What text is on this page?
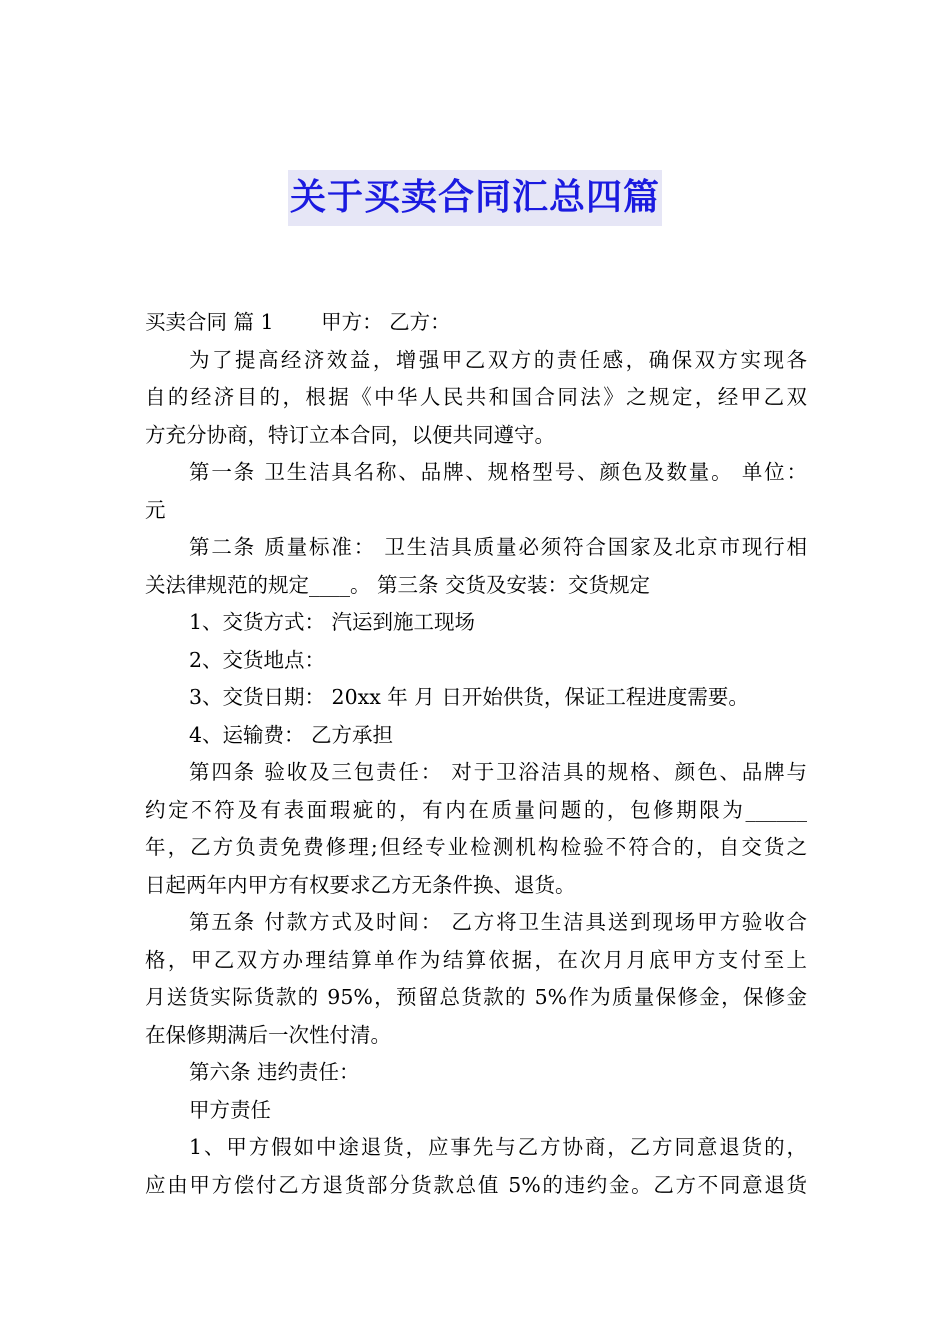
关于买卖合同汇总四篇

买卖合同 篇 1　　 甲方： 乙方：

为了提高经济效益，增强甲乙双方的责任感，确保双方实现各

自的经济目的，根据《中华人民共和国合同法》之规定，经甲乙双

方充分协商，特订立本合同，以便共同遵守。

第一条 卫生洁具名称、品牌、规格型号、颜色及数量。 单位：

元

第二条 质量标准： 卫生洁具质量必须符合国家及北京市现行相

关法律规范的规定____。 第三条 交货及安装：交货规定

1、交货方式： 汽运到施工现场

2、交货地点：

3、交货日期： 20xx 年 月 日开始供货，保证工程进度需要。

4、运输费： 乙方承担

第四条 验收及三包责任： 对于卫浴洁具的规格、颜色、品牌与

约定不符及有表面瑕疵的，有内在质量问题的，包修期限为______

年，乙方负责免费修理;但经专业检测机构检验不符合的，自交货之

日起两年内甲方有权要求乙方无条件换、退货。

第五条 付款方式及时间： 乙方将卫生洁具送到现场甲方验收合

格，甲乙双方办理结算单作为结算依据，在次月月底甲方支付至上

月送货实际货款的 95%，预留总货款的 5%作为质量保修金，保修金

在保修期满后一次性付清。

第六条 违约责任：

甲方责任

1、甲方假如中途退货，应事先与乙方协商，乙方同意退货的，

应由甲方偿付乙方退货部分货款总值 5%的违约金。乙方不同意退货
